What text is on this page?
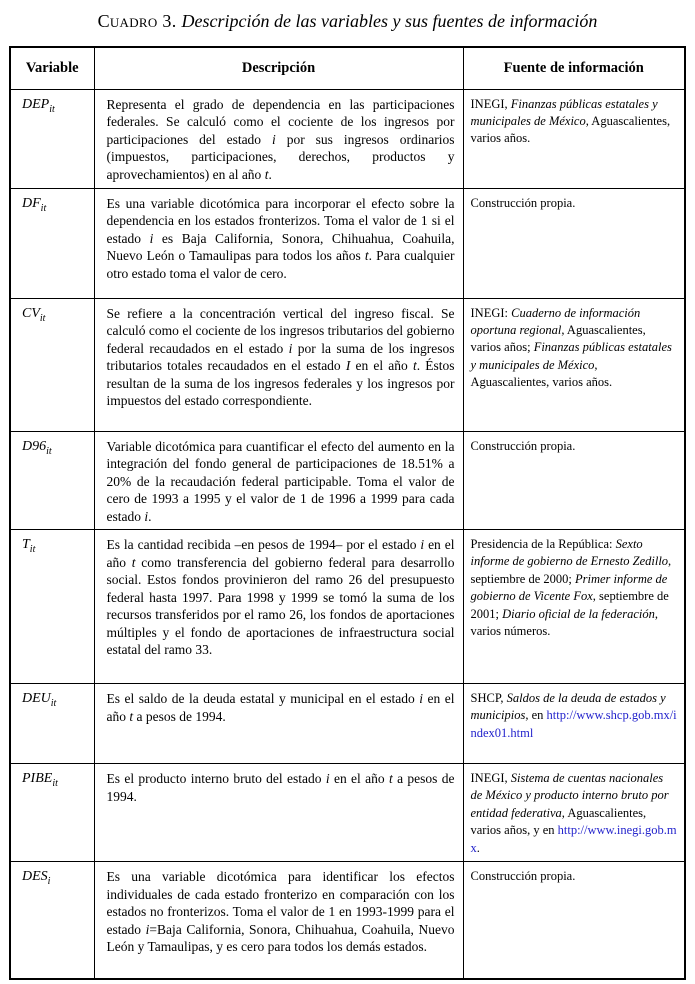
Cuadro 3. Descripción de las variables y sus fuentes de información
Variable	Descripción	Fuente de información
$DEP_{it}$	Representa el grado de dependencia en las participaciones federales. Se calculó como el cociente de los ingresos por participaciones del estado i por sus ingresos ordinarios (impuestos, participaciones, derechos, productos y aprovechamientos) en al año t.	INEGI, Finanzas públicas estatales y municipales de México, Aguascalientes, varios años.
$DF_{it}$	Es una variable dicotómica para incorporar el efecto sobre la dependencia en los estados fronterizos. Toma el valor de 1 si el estado i es Baja California, Sonora, Chihuahua, Coahuila, Nuevo León o Tamaulipas para todos los años t. Para cualquier otro estado toma el valor de cero.	Construcción propia.
$CV_{it}$	Se refiere a la concentración vertical del ingreso fiscal. Se calculó como el cociente de los ingresos tributarios del gobierno federal recaudados en el estado i por la suma de los ingresos tributarios totales recaudados en el estado I en el año t. Éstos resultan de la suma de los ingresos federales y los ingresos por impuestos del estado correspondiente.	INEGI: Cuaderno de información oportuna regional, Aguascalientes, varios años; Finanzas públicas estatales y municipales de México, Aguascalientes, varios años.
$D96_{it}$	Variable dicotómica para cuantificar el efecto del aumento en la integración del fondo general de participaciones de 18.51% a 20% de la recaudación federal participable. Toma el valor de cero de 1993 a 1995 y el valor de 1 de 1996 a 1999 para cada estado i.	Construcción propia.
$T_{it}$	Es la cantidad recibida –en pesos de 1994– por el estado i en el año t como transferencia del gobierno federal para desarrollo social. Estos fondos provinieron del ramo 26 del presupuesto federal hasta 1997. Para 1998 y 1999 se tomó la suma de los recursos transferidos por el ramo 26, los fondos de aportaciones múltiples y el fondo de aportaciones de infraestructura social estatal del ramo 33.	Presidencia de la República: Sexto informe de gobierno de Ernesto Zedillo, septiembre de 2000; Primer informe de gobierno de Vicente Fox, septiembre de 2001; Diario oficial de la federación, varios números.
$DEU_{it}$	Es el saldo de la deuda estatal y municipal en el estado i en el año t a pesos de 1994.	SHCP, Saldos de la deuda de estados y municipios, en http://www.shcp.gob.mx/index01.html
$PIBE_{it}$	Es el producto interno bruto del estado i en el año t a pesos de 1994.	INEGI, Sistema de cuentas nacionales de México y producto interno bruto por entidad federativa, Aguascalientes, varios años, y en http://www.inegi.gob.mx.
$DES_i$	Es una variable dicotómica para identificar los efectos individuales de cada estado fronterizo en comparación con los estados no fronterizos. Toma el valor de 1 en 1993-1999 para el estado i=Baja California, Sonora, Chihuahua, Coahuila, Nuevo León y Tamaulipas, y es cero para todos los demás estados.	Construcción propia.
